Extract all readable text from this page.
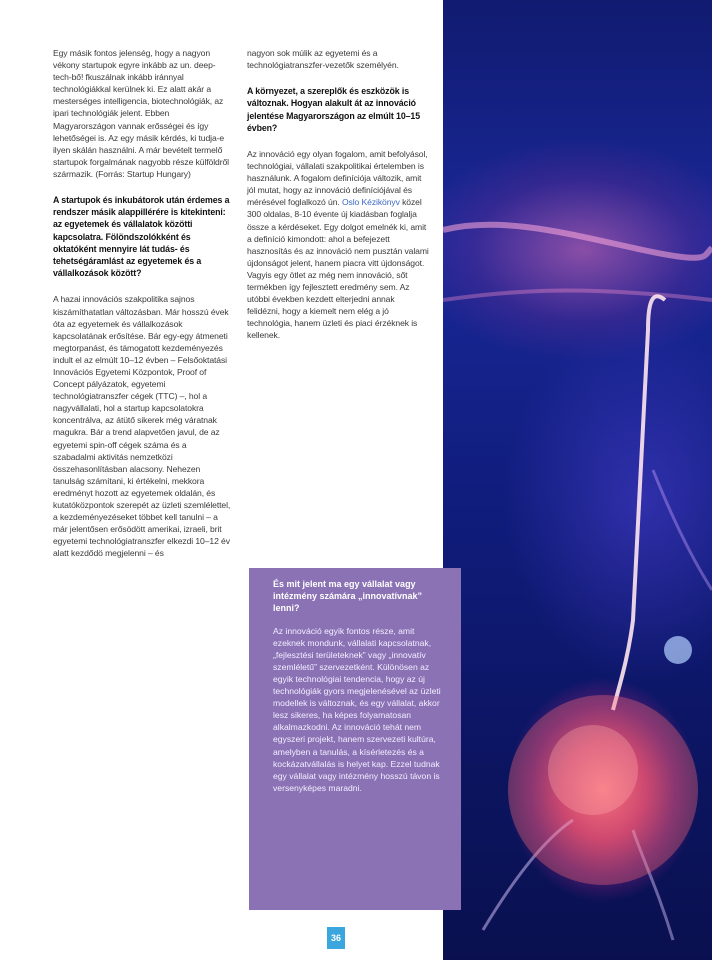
Egy másik fontos jelenség, hogy a nagyon vékony startupok egyre inkább az un. deep-tech-bő! fkuszálnak inkább iránnyal technológiákkal kerülnek ki. Ez alatt akár a mesterséges intelligencia, biotechnológiák, az ipari technológiák jelent. Ebben Magyarországon vannak erősségei és így lehetőségei is. Az egy másik kérdés, ki tudja-e ilyen skálán használni. A már bevételt termelő startupok forgalmának nagyobb része külföldről származik. (Forrás: Startup Hungary)

A startupok és inkubátorok után érdemes a rendszer másik alappillérére is kitekinteni: az egyetemek és vállalatok közötti kapcsolatra. Fölöndszolókként és oktatóként mennyire lát tudás- és tehetségáramlást az egyetemek és a vállalkozások között?

A hazai innovációs szakpolitika sajnos kiszámíthatatlan változásban. Már hosszú évek óta az egyetemek és vállalkozások kapcsolatának erősítése. Bár egy-egy átmeneti megtorpanást, és támogatott kezdeményezés indult el az elmúlt 10–12 évben – Felsőoktatási Innovációs Egyetemi Központok, Proof of Concept pályázatok, egyetemi technológiatranszfer cégek (TTC) –, hol a nagyvállalati, hol a startup kapcsolatokra koncentrálva, az átütő sikerek még váratnak magukra. Bár a trend alapvetően javul, de az egyetemi spin-off cégek száma és a szabadalmi aktivitás nemzetközi összehasonlításban alacsony. Nehezen tanulság számítani, ki értékelni, mekkora eredményt hozott az egyetemek oldalán, és kutatóközpontok szerepét az üzleti szemlélettel, a kezdeményezéseket többet kell tanulni – a már jelentősen erősödött amerikai, izraeli, brit egyetemi technológiatranszfer elkezdi 10–12 év alatt kezdődö megjelenni – és

nagyon sok múlik az egyetemi és a technológiatranszfer-vezetők személyén.

A környezet, a szereplők és eszközök is változnak. Hogyan alakult át az innováció jelentése Magyarországon az elmúlt 10–15 évben?

Az innováció egy olyan fogalom, amit befolyásol, technológiai, vállalati szakpolitikai értelemben is használunk. A fogalom definíciója változik, amit jól mutat, hogy az innováció definíciójával és mérésével foglalkozó ún. Oslo Kézikönyv közel 300 oldalas, 8-10 évente új kiadásban foglalja össze a kérdéseket. Egy dolgot emelnék ki, amit a definíció kimondott: ahol a befejezett hasznosítás és az innováció nem pusztán valami újdonságot jelent, hanem piacra vitt újdonságot. Vagyis egy ötlet az még nem innováció, sőt termékben így fejlesztett eredmény sem. Az utóbbi években kezdett elterjedni annak felidézni, hogy a kiemelt nem elég a jó technológia, hanem üzleti és piaci érzéknek is kellenek.

És mit jelent ma egy vállalat vagy intézmény számára „innovatívnak” lenni?

Az innováció egyik fontos része, amit ezeknek mondunk, vállalati kapcsolatnak, „fejlesztési területeknek” vagy „innovatív szemléletű” szervezetként. Különösen az egyik technológiai tendencia, hogy az új technológiák gyors megjelenésével az üzleti modellek is változnak, és egy vállalat, akkor lesz sikeres, ha képes folyamatosan alkalmazkodni. Az innováció tehát nem egyszeri projekt, hanem szervezeti kultúra, amelyben a tanulás, a kísérletezés és a kockázatvállalás is helyet kap. Ezzel tudnak egy vállalat vagy intézmény hosszú távon is versenyképes maradni.

36
